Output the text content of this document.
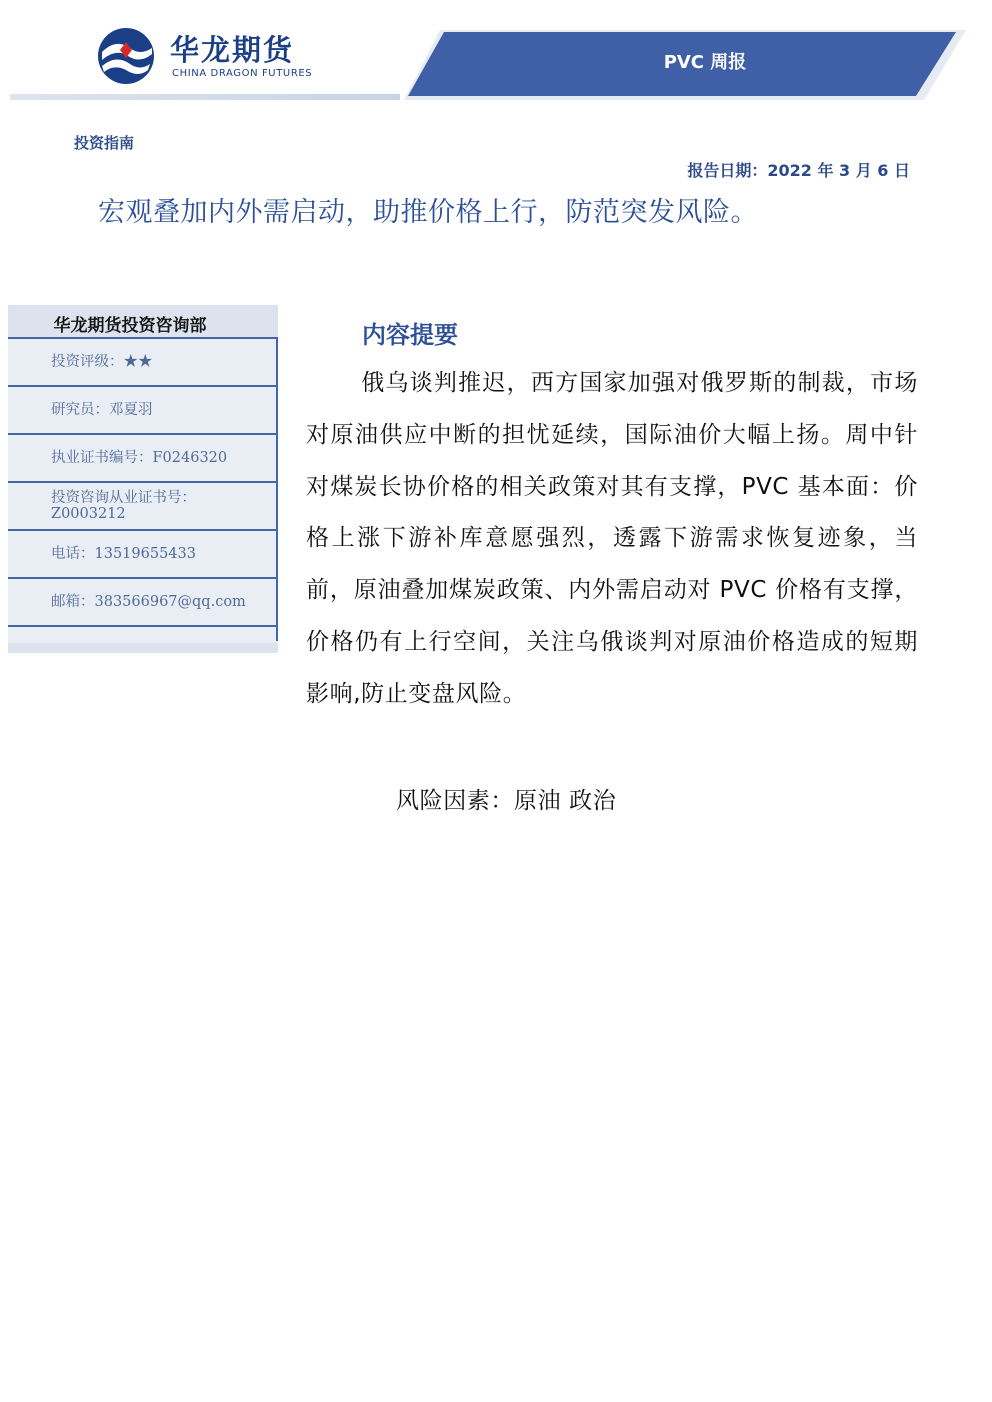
华龙期货
CHINA DRAGON FUTURES
PVC 周报
投资指南
报告日期：2022 年 3 月 6 日
宏观叠加内外需启动，助推价格上行，防范突发风险。
华龙期货投资咨询部
投资评级：★★
研究员：邓夏羽
执业证书编号：F0246320
投资咨询从业证书号：Z0003212
电话：13519655433
邮箱：383566967@qq.com
内容提要
俄乌谈判推迟，西方国家加强对俄罗斯的制裁，市场对原油供应中断的担忧延续，国际油价大幅上扬。周中针对煤炭长协价格的相关政策对其有支撑，PVC 基本面：价格上涨下游补库意愿强烈，透露下游需求恢复迹象，当前，原油叠加煤炭政策、内外需启动对 PVC 价格有支撑，价格仍有上行空间，关注乌俄谈判对原油价格造成的短期影响,防止变盘风险。
风险因素：原油 政治
